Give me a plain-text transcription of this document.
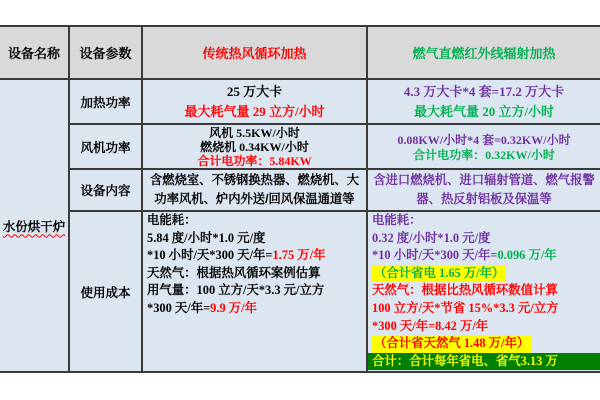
设备名称 设备参数	传统热风循环加热	燃气直燃红外线辐射加热
水份烘干炉
加热功率
25 万大卡
最大耗气量 29 立方/小时
4.3 万大卡*4 套=17.2 万大卡
最大耗气量 20 立方/小时
风机功率
风机 5.5KW/小时
燃烧机 0.34KW/小时
合计电功率：5.84KW
0.08KW/小时*4 套=0.32KW/小时
合计电功率：0.32KW/小时
设备内容
含燃烧室、不锈钢换热器、燃烧机、大功率风机、炉内外送/回风保温通道等
含进口燃烧机、进口辐射管道、燃气报警器、热反射铝板及保温等
使用成本
电能耗：
5.84 度/小时*1.0 元/度
*10 小时/天*300 天/年=1.75 万/年
天然气：根据热风循环案例估算
用气量：100 立方/天*3.3 元/立方
*300 天/年=9.9 万/年
电能耗：
0.32 度/小时*1.0 元/度
*10 小时/天*300 天/年=0.096 万/年
（合计省电 1.65 万/年）
天然气：根据比热风循环数值计算
100 立方/天*节省 15%*3.3 元/立方
*300 天/年=8.42 万/年
（合计省天然气 1.48 万/年）
合计：合计每年省电、省气3.13 万
